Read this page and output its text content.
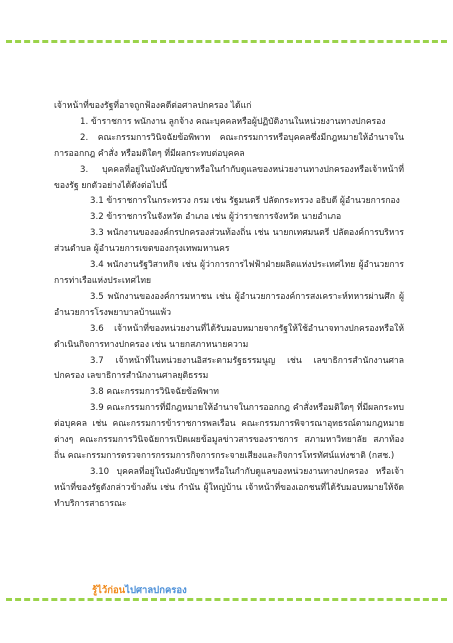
เจ้าหน้าที่ของรัฐที่อาจถูกฟ้องคดีต่อศาลปกครอง ได้แก่

1. ข้าราชการ พนักงาน ลูกจ้าง คณะบุคคลหรือผู้ปฏิบัติงานในหน่วยงานทางปกครอง

2. คณะกรรมการวินิจฉัยข้อพิพาท คณะกรรมการหรือบุคคลซึ่งมีกฎหมายให้อำนาจในการออกกฎ คำสั่ง หรือมติใดๆ ที่มีผลกระทบต่อบุคคล

3. บุคคลที่อยู่ในบังคับบัญชาหรือในกำกับดูแลของหน่วยงานทางปกครองหรือเจ้าหน้าที่ของรัฐ ยกตัวอย่างได้ดังต่อไปนี้

3.1 ข้าราชการในกระทรวง กรม เช่น รัฐมนตรี ปลัดกระทรวง อธิบดี ผู้อำนวยการกอง

3.2 ข้าราชการในจังหวัด อำเภอ เช่น ผู้ว่าราชการจังหวัด นายอำเภอ

3.3 พนักงานขององค์กรปกครองส่วนท้องถิ่น เช่น นายกเทศมนตรี ปลัดองค์การบริหารส่วนตำบล ผู้อำนวยการเขตของกรุงเทพมหานคร

3.4 พนักงานรัฐวิสาหกิจ เช่น ผู้ว่าการการไฟฟ้าฝ่ายผลิตแห่งประเทศไทย ผู้อำนวยการการท่าเรือแห่งประเทศไทย

3.5 พนักงานขององค์การมหาชน เช่น ผู้อำนวยการองค์การสงเคราะห์ทหารผ่านศึก ผู้อำนวยการโรงพยาบาลบ้านแพ้ว

3.6 เจ้าหน้าที่ของหน่วยงานที่ได้รับมอบหมายจากรัฐให้ใช้อำนาจทางปกครองหรือให้ดำเนินกิจการทางปกครอง เช่น นายกสภาทนายความ

3.7 เจ้าหน้าที่ในหน่วยงานอิสระตามรัฐธรรมนูญ เช่น เลขาธิการสำนักงานศาลปกครอง เลขาธิการสำนักงานศาลยุติธรรม

3.8 คณะกรรมการวินิจฉัยข้อพิพาท

3.9 คณะกรรมการที่มีกฎหมายให้อำนาจในการออกกฎ คำสั่งหรือมติใดๆ ที่มีผลกระทบต่อบุคคล เช่น คณะกรรมการข้าราชการพลเรือน คณะกรรมการพิจารณาอุทธรณ์ตามกฎหมายต่างๆ คณะกรรมการวินิจฉัยการเปิดเผยข้อมูลข่าวสารของราชการ สภามหาวิทยาลัย สภาท้องถิ่น คณะกรรมการตรวจการกรรมการกิจการกระจายเสียงและกิจการโทรทัศน์แห่งชาติ (กสช.)

3.10 บุคคลที่อยู่ในบังคับบัญชาหรือในกำกับดูแลของหน่วยงานทางปกครอง หรือเจ้าหน้าที่ของรัฐดังกล่าวข้างต้น เช่น กำนัน ผู้ใหญ่บ้าน เจ้าหน้าที่ของเอกชนที่ได้รับมอบหมายให้จัดทำบริการสาธารณะ

รู้ไว้ก่อนไปศาลปกครอง
